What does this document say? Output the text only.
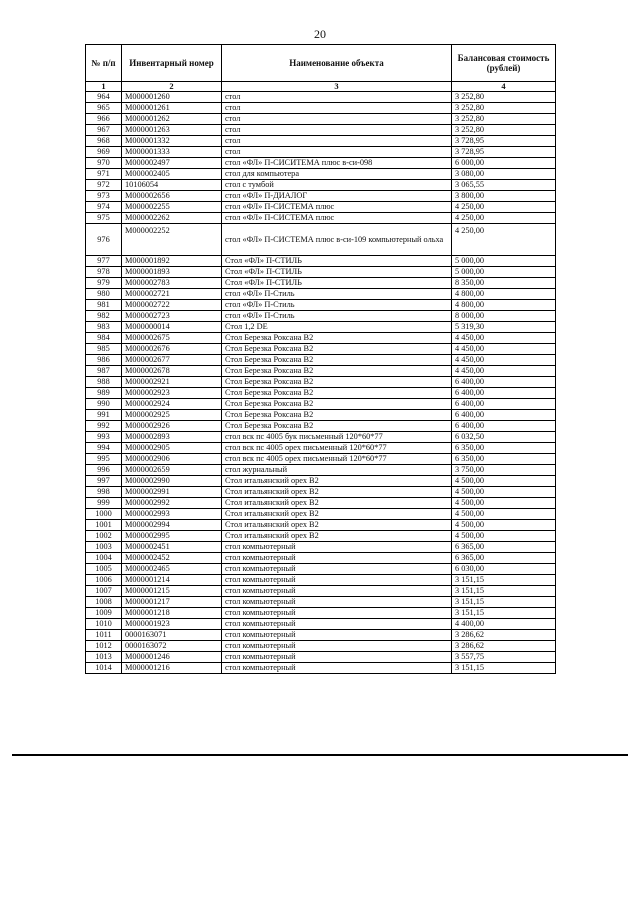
20
№ п/п	Инвентарный номер	Наименование объекта	Балансовая стоимость (рублей)
1	2	3	4
964	М000001260	стол	3 252,80
965	М000001261	стол	3 252,80
966	М000001262	стол	3 252,80
967	М000001263	стол	3 252,80
968	М000001332	стол	3 728,95
969	М000001333	стол	3 728,95
970	М000002497	стол «ФЛ» П-СИСИТЕМА плюс в-си-098	6 000,00
971	М000002405	стол для компьютера	3 080,00
972	10106054	стол с тумбой	3 065,55
973	М000002656	стол «ФЛ» П-ДИАЛОГ	3 800,00
974	М000002255	стол «ФЛ» П-СИСТЕМА плюс	4 250,00
975	М000002262	стол «ФЛ» П-СИСТЕМА плюс	4 250,00
976	М000002252	стол «ФЛ» П-СИСТЕМА плюс в-си-109 компьютерный ольха	4 250,00
977	М000001892	Стол «ФЛ» П-СТИЛЬ	5 000,00
978	М000001893	Стол «ФЛ» П-СТИЛЬ	5 000,00
979	М000002783	Стол «ФЛ» П-СТИЛЬ	8 350,00
980	М000002721	стол «ФЛ» П-Стиль	4 800,00
981	М000002722	стол «ФЛ» П-Стиль	4 800,00
982	М000002723	стол «ФЛ» П-Стиль	8 000,00
983	М000000014	Стол 1,2 DE	5 319,30
984	М000002675	Стол Березка Роксана В2	4 450,00
985	М000002676	Стол Березка Роксана В2	4 450,00
986	М000002677	Стол Березка Роксана В2	4 450,00
987	М000002678	Стол Березка Роксана В2	4 450,00
988	М000002921	Стол Березка Роксана В2	6 400,00
989	М000002923	Стол Березка Роксана В2	6 400,00
990	М000002924	Стол Березка Роксана В2	6 400,00
991	М000002925	Стол Березка Роксана В2	6 400,00
992	М000002926	Стол Березка Роксана В2	6 400,00
993	М000002893	стол вск пс 4005 бук письменный 120*60*77	6 032,50
994	М000002905	стол вск пс 4005 орех письменный 120*60*77	6 350,00
995	М000002906	стол вск пс 4005 орех письменный 120*60*77	6 350,00
996	М000002659	стол журнальный	3 750,00
997	М000002990	Стол итальянский орех В2	4 500,00
998	М000002991	Стол итальянский орех В2	4 500,00
999	М000002992	Стол итальянский орех В2	4 500,00
1000	М000002993	Стол итальянский орех В2	4 500,00
1001	М000002994	Стол итальянский орех В2	4 500,00
1002	М000002995	Стол итальянский орех В2	4 500,00
1003	М000002451	стол компьютерный	6 365,00
1004	М000002452	стол компьютерный	6 365,00
1005	М000002465	стол компьютерный	6 030,00
1006	М000001214	стол компьютерный	3 151,15
1007	М000001215	стол компьютерный	3 151,15
1008	М000001217	стол компьютерный	3 151,15
1009	М000001218	стол компьютерный	3 151,15
1010	М000001923	стол компьютерный	4 400,00
1011	0000163071	стол компьютерный	3 286,62
1012	0000163072	стол компьютерный	3 286,62
1013	М000001246	стол компьютерный	3 557,75
1014	М000001216	стол компьютерный	3 151,15
